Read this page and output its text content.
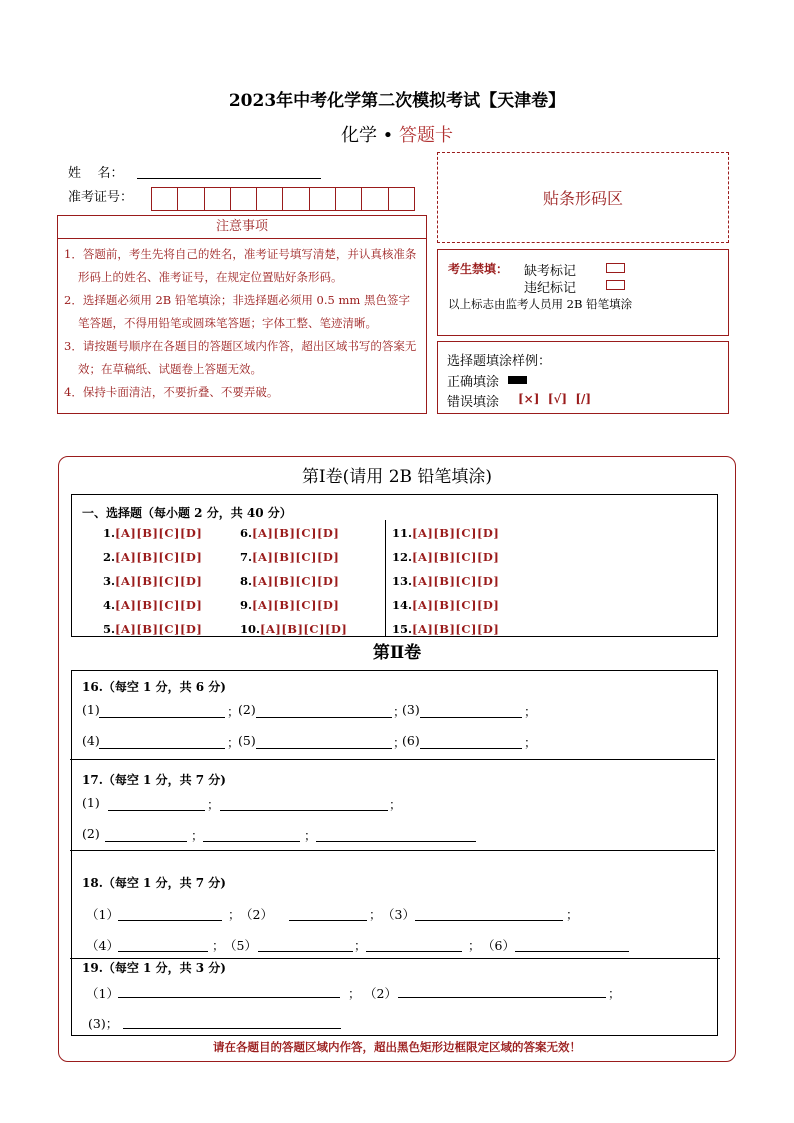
2023年中考化学第二次模拟考试【天津卷】
化学 • 答题卡
姓    名：
准考证号：
注意事项
1．答题前，考生先将自己的姓名，准考证号填写清楚，并认真核准条形码上的姓名、准考证号，在规定位置贴好条形码。
2．选择题必须用 2B 铅笔填涂；非选择题必须用 0.5 mm 黑色签字笔答题，不得用铅笔或圆珠笔答题；字体工整、笔迹清晰。
3．请按题号顺序在各题目的答题区域内作答，超出区域书写的答案无效；在草稿纸、试题卷上答题无效。
4．保持卡面清洁，不要折叠、不要弄破。
贴条形码区
考生禁填： 缺考标记
违纪标记
以上标志由监考人员用 2B 铅笔填涂
选择题填涂样例：
正确填涂
错误填涂 [×]  [√]  [/]
第Ⅰ卷(请用 2B 铅笔填涂)
一、选择题（每小题 2 分，共 40 分）
1.[A][B][C][D]
2.[A][B][C][D]
3.[A][B][C][D]
4.[A][B][C][D]
5.[A][B][C][D]
6.[A][B][C][D]
7.[A][B][C][D]
8.[A][B][C][D]
9.[A][B][C][D]
10.[A][B][C][D]
11.[A][B][C][D]
12.[A][B][C][D]
13.[A][B][C][D]
14.[A][B][C][D]
15.[A][B][C][D]
第Ⅱ卷
16.（每空 1 分，共 6 分)
(1)	；
(2)	；
(3)	；
(4)	；
(5)	；
(6)	；
17.（每空 1 分，共 7 分)
(1)	；	；
(2)	；	；
18.（每空 1 分，共 7 分)
（1）	； （2）	； （3）	；
（4）	； （5）	；	； （6）
19.（每空 1 分，共 3 分)
（1）	； （2）	；
(3)；
请在各题目的答题区域内作答，超出黑色矩形边框限定区域的答案无效！
